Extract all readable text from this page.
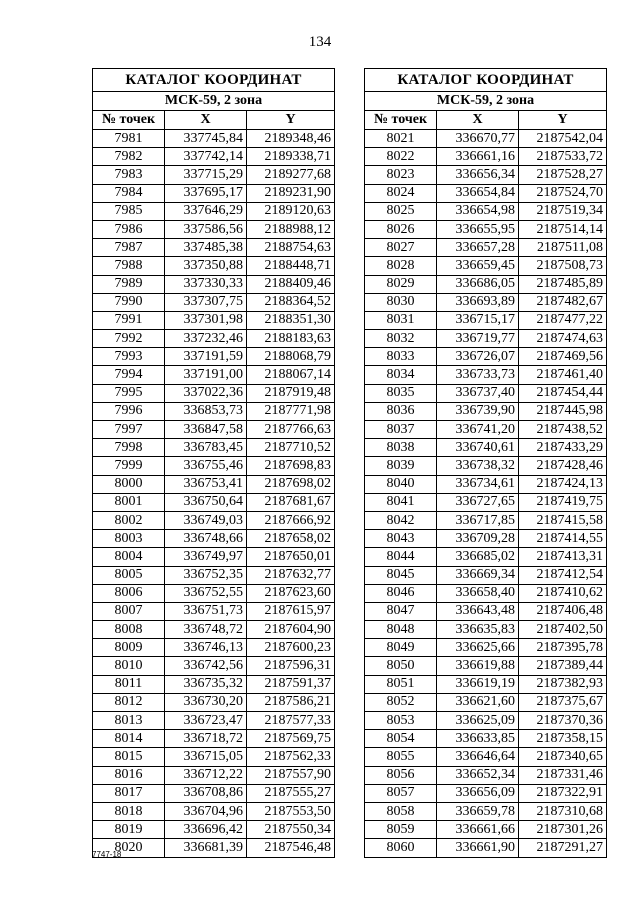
134
КАТАЛОГ КООРДИНАТ		
МСК-59, 2 зона		
№ точек	X	Y
7981	337745,84	2189348,46
7982	337742,14	2189338,71
7983	337715,29	2189277,68
7984	337695,17	2189231,90
7985	337646,29	2189120,63
7986	337586,56	2188988,12
7987	337485,38	2188754,63
7988	337350,88	2188448,71
7989	337330,33	2188409,46
7990	337307,75	2188364,52
7991	337301,98	2188351,30
7992	337232,46	2188183,63
7993	337191,59	2188068,79
7994	337191,00	2188067,14
7995	337022,36	2187919,48
7996	336853,73	2187771,98
7997	336847,58	2187766,63
7998	336783,45	2187710,52
7999	336755,46	2187698,83
8000	336753,41	2187698,02
8001	336750,64	2187681,67
8002	336749,03	2187666,92
8003	336748,66	2187658,02
8004	336749,97	2187650,01
8005	336752,35	2187632,77
8006	336752,55	2187623,60
8007	336751,73	2187615,97
8008	336748,72	2187604,90
8009	336746,13	2187600,23
8010	336742,56	2187596,31
8011	336735,32	2187591,37
8012	336730,20	2187586,21
8013	336723,47	2187577,33
8014	336718,72	2187569,75
8015	336715,05	2187562,33
8016	336712,22	2187557,90
8017	336708,86	2187555,27
8018	336704,96	2187553,50
8019	336696,42	2187550,34
8020	336681,39	2187546,48
КАТАЛОГ КООРДИНАТ		
МСК-59, 2 зона		
№ точек	X	Y
8021	336670,77	2187542,04
8022	336661,16	2187533,72
8023	336656,34	2187528,27
8024	336654,84	2187524,70
8025	336654,98	2187519,34
8026	336655,95	2187514,14
8027	336657,28	2187511,08
8028	336659,45	2187508,73
8029	336686,05	2187485,89
8030	336693,89	2187482,67
8031	336715,17	2187477,22
8032	336719,77	2187474,63
8033	336726,07	2187469,56
8034	336733,73	2187461,40
8035	336737,40	2187454,44
8036	336739,90	2187445,98
8037	336741,20	2187438,52
8038	336740,61	2187433,29
8039	336738,32	2187428,46
8040	336734,61	2187424,13
8041	336727,65	2187419,75
8042	336717,85	2187415,58
8043	336709,28	2187414,55
8044	336685,02	2187413,31
8045	336669,34	2187412,54
8046	336658,40	2187410,62
8047	336643,48	2187406,48
8048	336635,83	2187402,50
8049	336625,66	2187395,78
8050	336619,88	2187389,44
8051	336619,19	2187382,93
8052	336621,60	2187375,67
8053	336625,09	2187370,36
8054	336633,85	2187358,15
8055	336646,64	2187340,65
8056	336652,34	2187331,46
8057	336656,09	2187322,91
8058	336659,78	2187310,68
8059	336661,66	2187301,26
8060	336661,90	2187291,27
7747-18
